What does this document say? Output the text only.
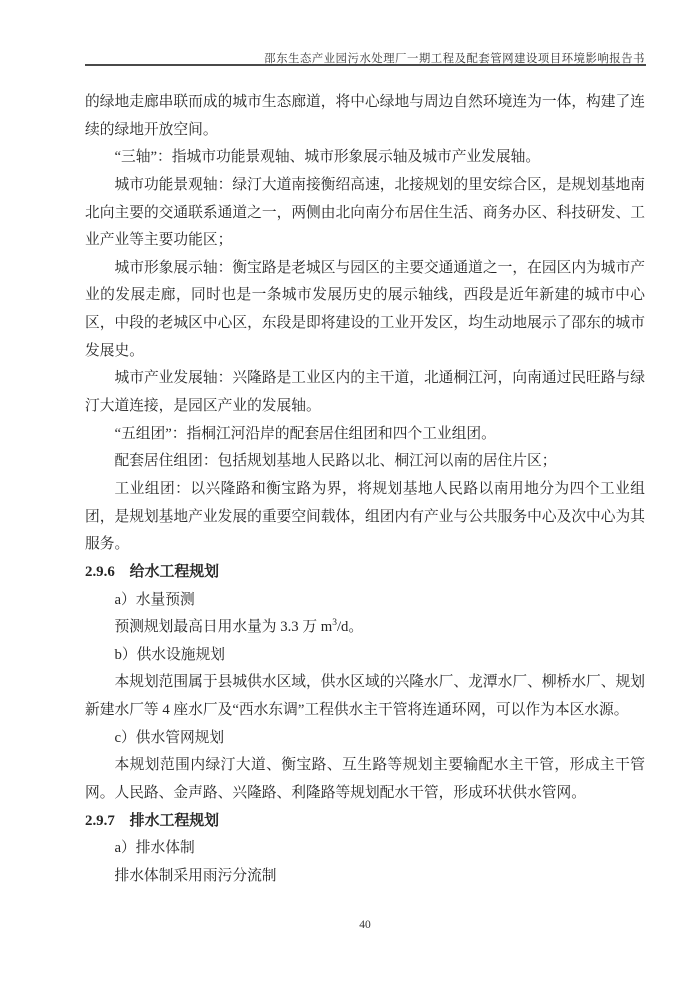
邵东生态产业园污水处理厂一期工程及配套管网建设项目环境影响报告书

的绿地走廊串联而成的城市生态廊道，将中心绿地与周边自然环境连为一体，构建了连续的绿地开放空间。

“三轴”：指城市功能景观轴、城市形象展示轴及城市产业发展轴。

城市功能景观轴：绿汀大道南接衡绍高速，北接规划的里安综合区，是规划基地南北向主要的交通联系通道之一，两侧由北向南分布居住生活、商务办区、科技研发、工业产业等主要功能区；

城市形象展示轴：衡宝路是老城区与园区的主要交通通道之一，在园区内为城市产业的发展走廊，同时也是一条城市发展历史的展示轴线，西段是近年新建的城市中心区，中段的老城区中心区，东段是即将建设的工业开发区，均生动地展示了邵东的城市发展史。

城市产业发展轴：兴隆路是工业区内的主干道，北通桐江河，向南通过民旺路与绿汀大道连接，是园区产业的发展轴。

“五组团”：指桐江河沿岸的配套居住组团和四个工业组团。

配套居住组团：包括规划基地人民路以北、桐江河以南的居住片区；

工业组团：以兴隆路和衡宝路为界，将规划基地人民路以南用地分为四个工业组团，是规划基地产业发展的重要空间载体，组团内有产业与公共服务中心及次中心为其服务。

2.9.6　给水工程规划

a）水量预测

预测规划最高日用水量为 3.3 万 $m^3/d$。

b）供水设施规划

本规划范围属于县城供水区域，供水区域的兴隆水厂、龙潭水厂、柳桥水厂、规划新建水厂等 4 座水厂及“西水东调”工程供水主干管将连通环网，可以作为本区水源。

c）供水管网规划

本规划范围内绿汀大道、衡宝路、互生路等规划主要输配水主干管，形成主干管网。人民路、金声路、兴隆路、利隆路等规划配水干管，形成环状供水管网。

2.9.7　排水工程规划

a）排水体制

排水体制采用雨污分流制

40
